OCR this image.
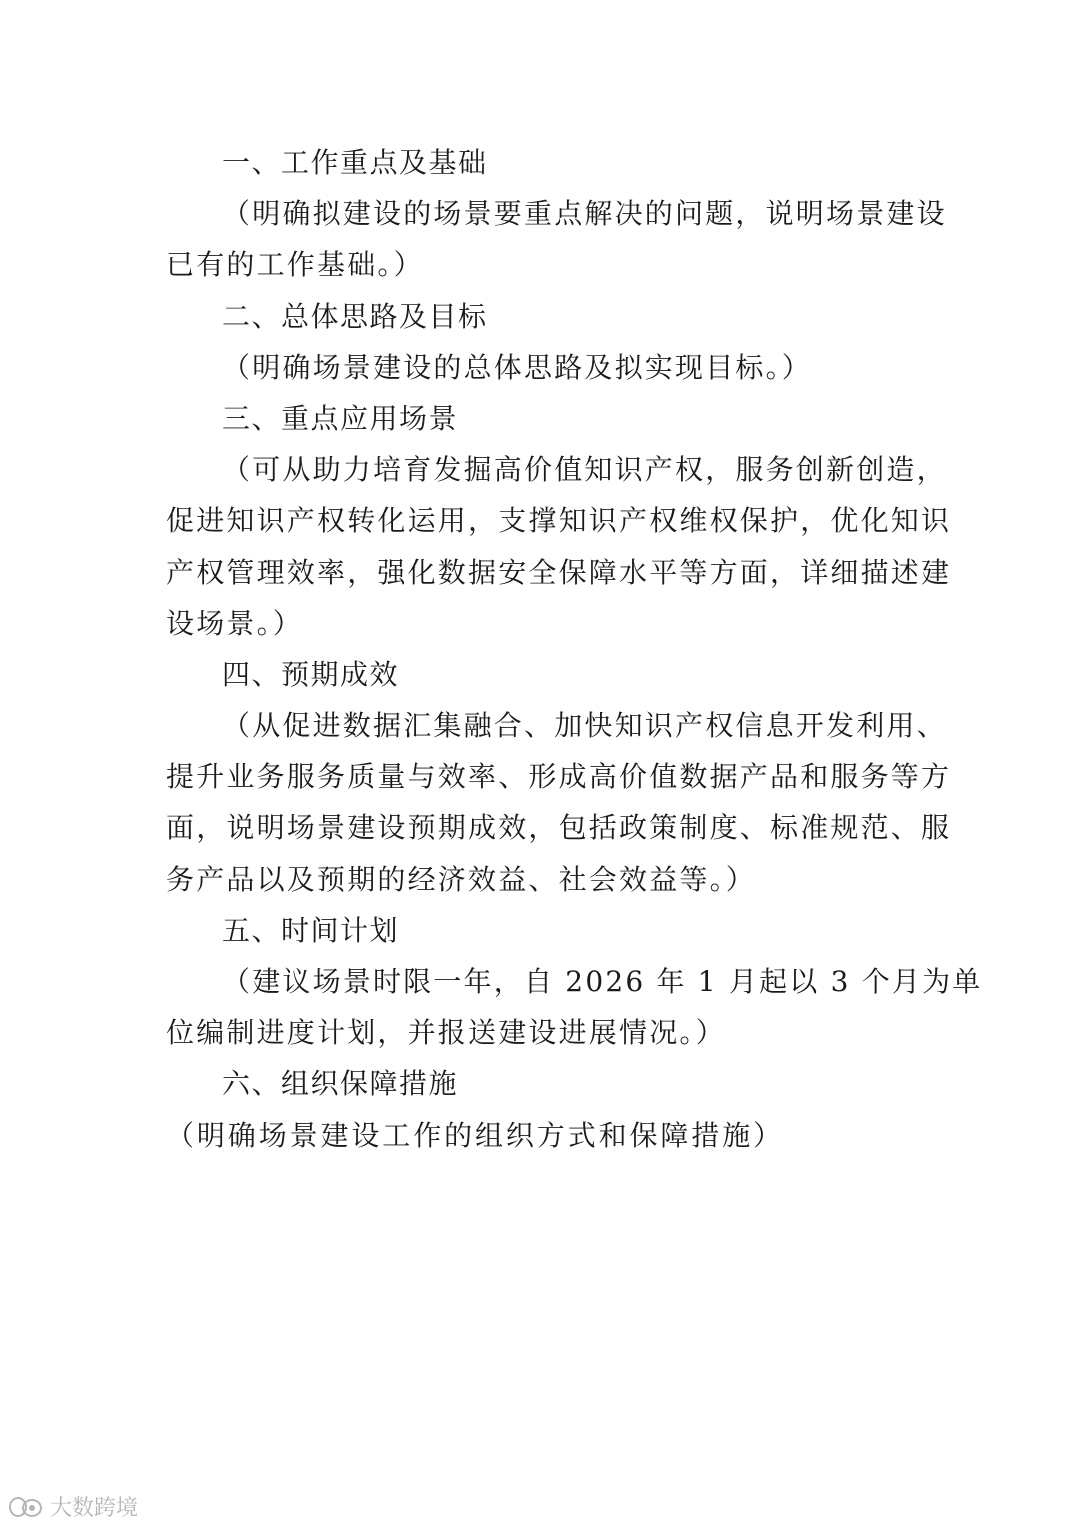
一、工作重点及基础
（明确拟建设的场景要重点解决的问题，说明场景建设
已有的工作基础。）
二、总体思路及目标
（明确场景建设的总体思路及拟实现目标。）
三、重点应用场景
（可从助力培育发掘高价值知识产权，服务创新创造，
促进知识产权转化运用，支撑知识产权维权保护，优化知识
产权管理效率，强化数据安全保障水平等方面，详细描述建
设场景。）
四、预期成效
（从促进数据汇集融合、加快知识产权信息开发利用、
提升业务服务质量与效率、形成高价值数据产品和服务等方
面，说明场景建设预期成效，包括政策制度、标准规范、服
务产品以及预期的经济效益、社会效益等。）
五、时间计划
（建议场景时限一年，自 2026 年 1 月起以 3 个月为单
位编制进度计划，并报送建设进展情况。）
六、组织保障措施
（明确场景建设工作的组织方式和保障措施）
大数跨境
